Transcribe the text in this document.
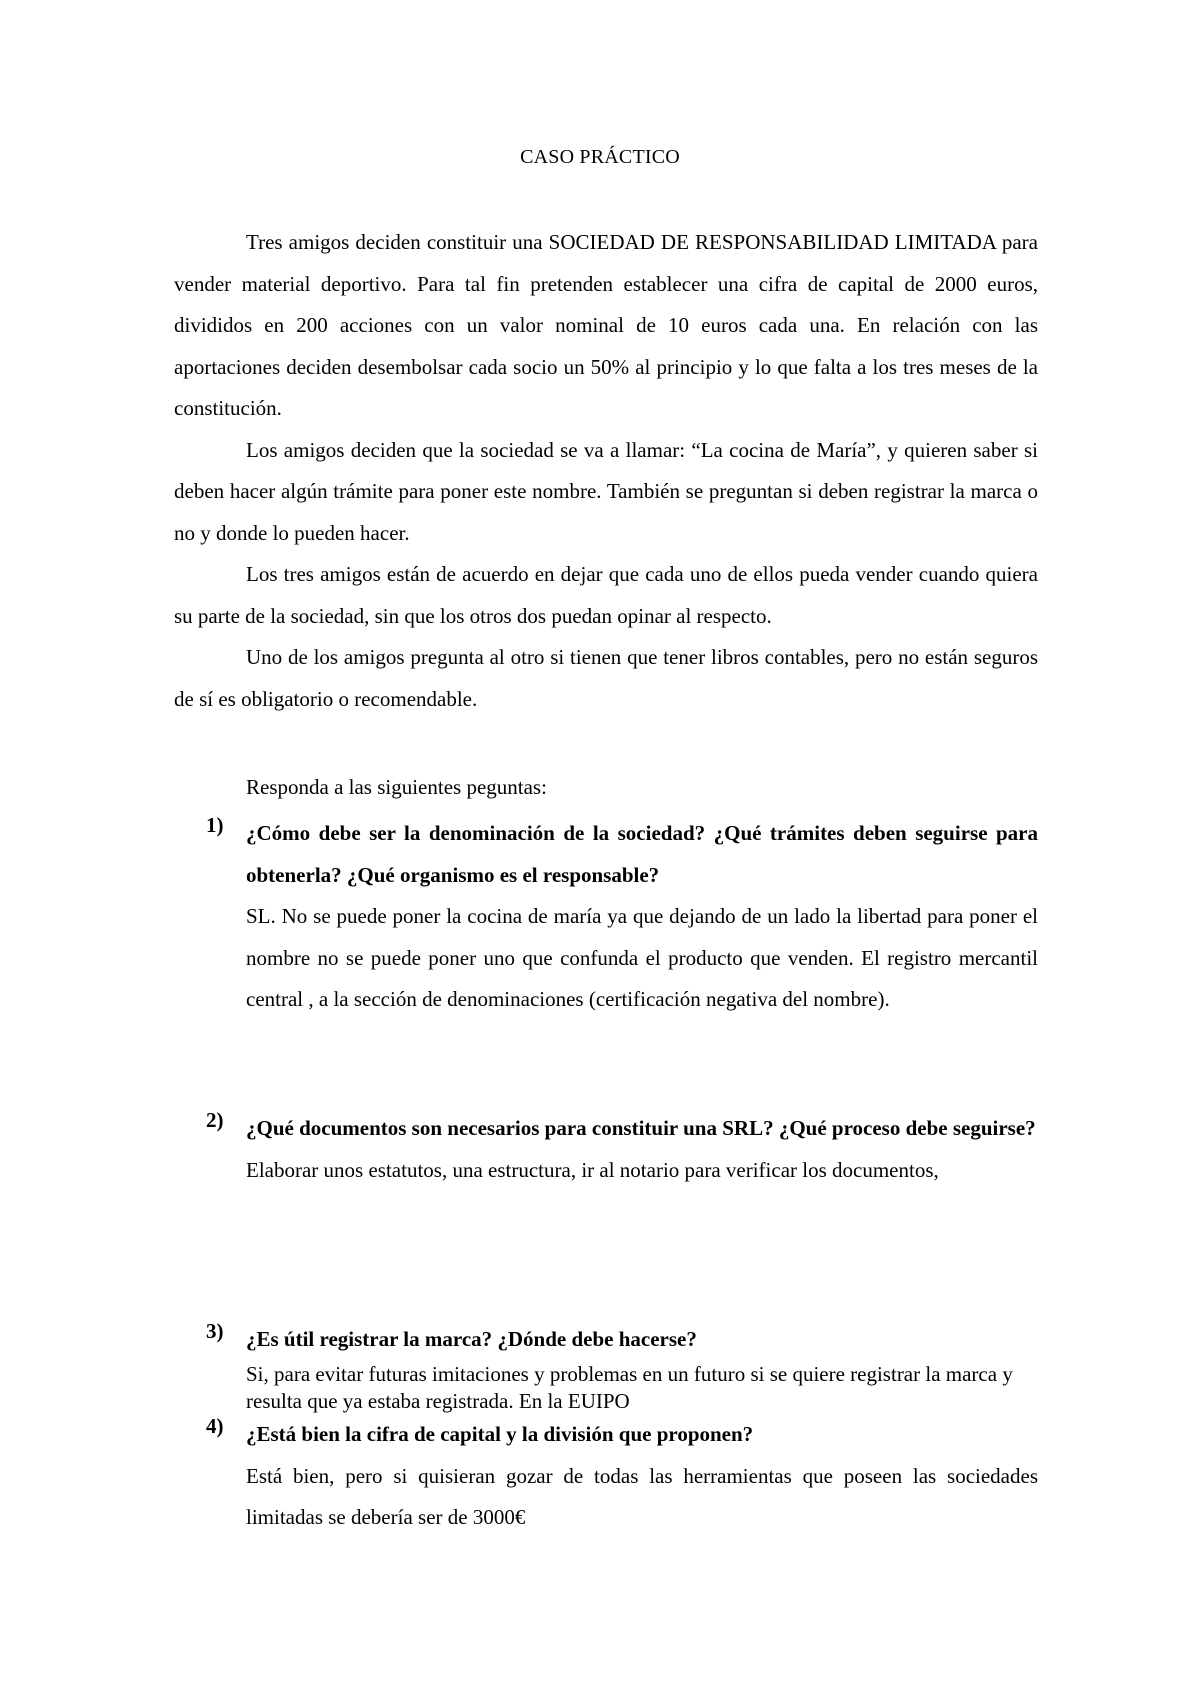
CASO PRÁCTICO

Tres amigos deciden constituir una SOCIEDAD DE RESPONSABILIDAD LIMITADA para vender material deportivo. Para tal fin pretenden establecer una cifra de capital de 2000 euros, divididos en 200 acciones con un valor nominal de 10 euros cada una. En relación con las aportaciones deciden desembolsar cada socio un 50% al principio y lo que falta a los tres meses de la constitución.

Los amigos deciden que la sociedad se va a llamar: “La cocina de María”, y quieren saber si deben hacer algún trámite para poner este nombre. También se preguntan si deben registrar la marca o no y donde lo pueden hacer.

Los tres amigos están de acuerdo en dejar que cada uno de ellos pueda vender cuando quiera su parte de la sociedad, sin que los otros dos puedan opinar al respecto.

Uno de los amigos pregunta al otro si tienen que tener libros contables, pero no están seguros de sí es obligatorio o recomendable.

Responda a las siguientes peguntas:
1) ¿Cómo debe ser la denominación de la sociedad? ¿Qué trámites deben seguirse para obtenerla? ¿Qué organismo es el responsable?

SL. No se puede poner la cocina de maría ya que dejando de un lado la libertad para poner el nombre no se puede poner uno que confunda el producto que venden. El registro mercantil central , a la sección de denominaciones (certificación negativa del nombre).

2) ¿Qué documentos son necesarios para constituir una SRL? ¿Qué proceso debe seguirse?

Elaborar unos estatutos, una estructura, ir al notario para verificar los documentos,

3) ¿Es útil registrar la marca? ¿Dónde debe hacerse?

Si, para evitar futuras imitaciones y problemas en un futuro si se quiere registrar la marca y resulta que ya estaba registrada. En la EUIPO

4) ¿Está bien la cifra de capital y la división que proponen?

Está bien, pero si quisieran gozar de todas las herramientas que poseen las sociedades limitadas se debería ser de 3000€
